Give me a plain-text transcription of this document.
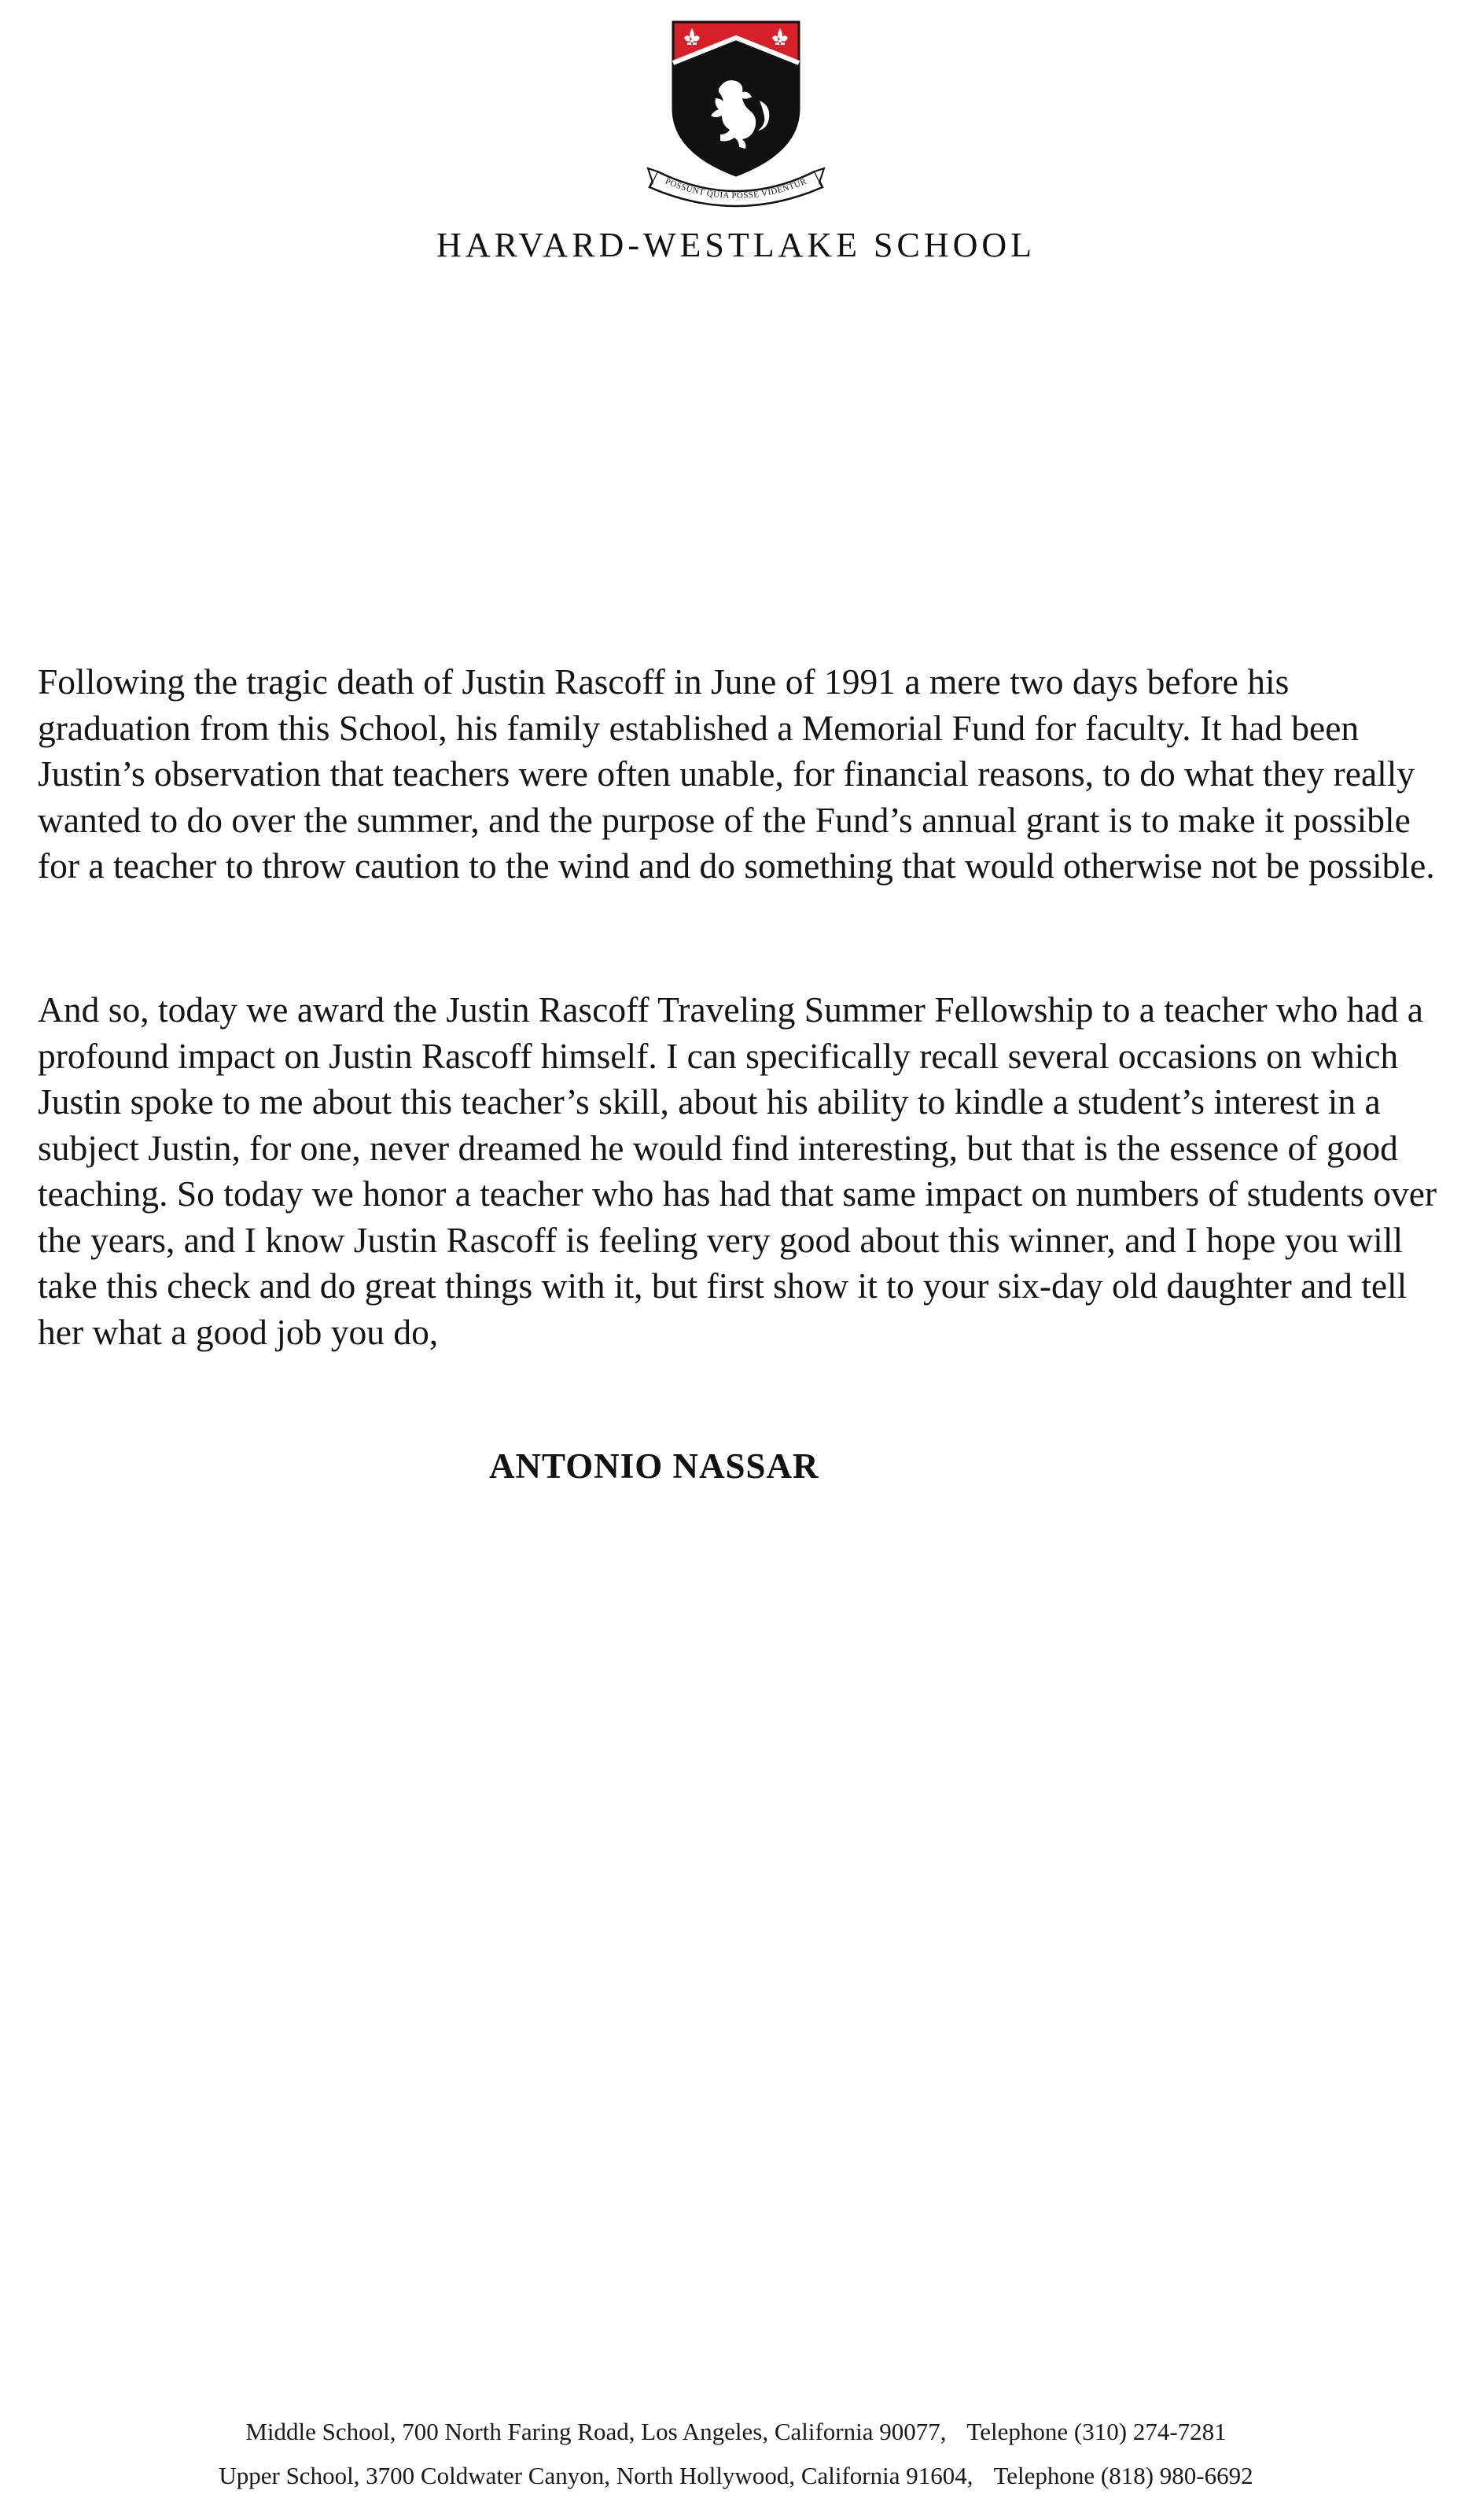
POSSUNT QUIA POSSE VIDENTUR
HARVARD-WESTLAKE SCHOOL

Following the tragic death of Justin Rascoff in June of 1991 a mere two days before his graduation from this School, his family established a Memorial Fund for faculty. It had been Justin’s observation that teachers were often unable, for financial reasons, to do what they really wanted to do over the summer, and the purpose of the Fund’s annual grant is to make it possible for a teacher to throw caution to the wind and do something that would otherwise not be possible.

And so, today we award the Justin Rascoff Traveling Summer Fellowship to a teacher who had a profound impact on Justin Rascoff himself. I can specifically recall several occasions on which Justin spoke to me about this teacher’s skill, about his ability to kindle a student’s interest in a subject Justin, for one, never dreamed he would find interesting, but that is the essence of good teaching. So today we honor a teacher who has had that same impact on numbers of students over the years, and I know Justin Rascoff is feeling very good about this winner, and I hope you will take this check and do great things with it, but first show it to your six-day old daughter and tell her what a good job you do,

ANTONIO NASSAR
Middle School, 700 North Faring Road, Los Angeles, California 90077, Telephone (310) 274-7281
Upper School, 3700 Coldwater Canyon, North Hollywood, California 91604, Telephone (818) 980-6692
